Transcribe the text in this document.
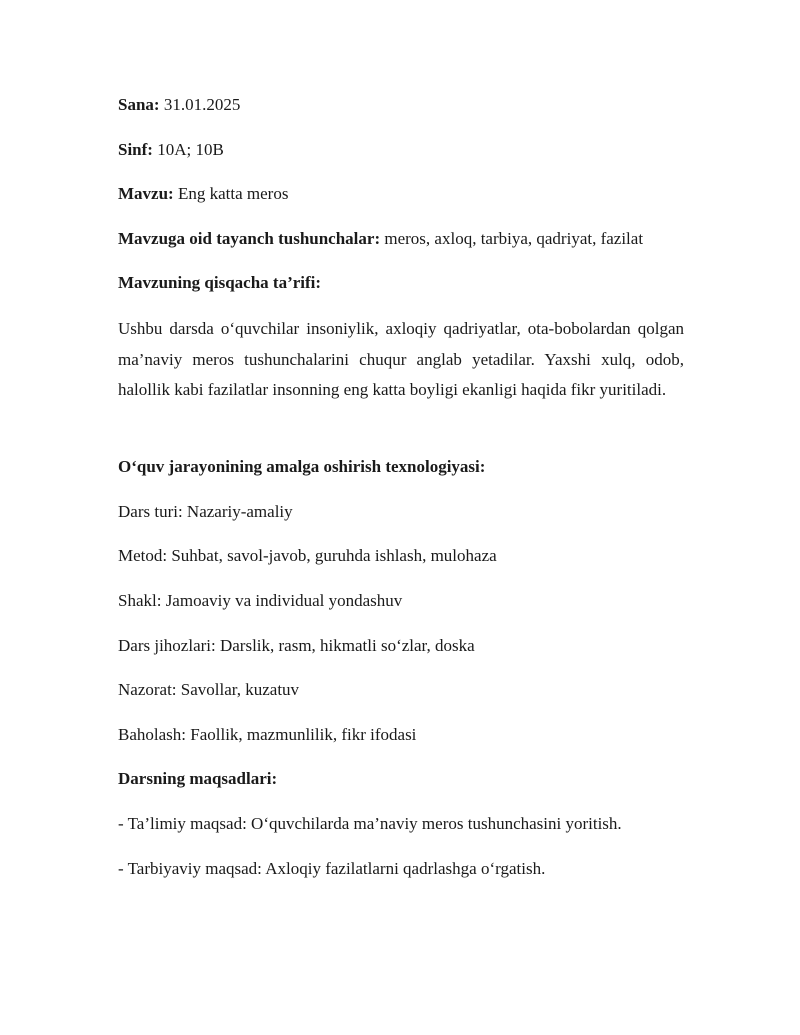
Sana: 31.01.2025
Sinf: 10A; 10B
Mavzu: Eng katta meros
Mavzuga oid tayanch tushunchalar: meros, axloq, tarbiya, qadriyat, fazilat
Mavzuning qisqacha ta’rifi:
Ushbu darsda o‘quvchilar insoniylik, axloqiy qadriyatlar, ota-bobolardan qolgan ma’naviy meros tushunchalarini chuqur anglab yetadilar. Yaxshi xulq, odob, halollik kabi fazilatlar insonning eng katta boyligi ekanligi haqida fikr yuritiladi.
O‘quv jarayonining amalga oshirish texnologiyasi:
Dars turi: Nazariy-amaliy
Metod: Suhbat, savol-javob, guruhda ishlash, mulohaza
Shakl: Jamoaviy va individual yondashuv
Dars jihozlari: Darslik, rasm, hikmatli so‘zlar, doska
Nazorat: Savollar, kuzatuv
Baholash: Faollik, mazmunlilik, fikr ifodasi
Darsning maqsadlari:
- Ta’limiy maqsad: O‘quvchilarda ma’naviy meros tushunchasini yoritish.
- Tarbiyaviy maqsad: Axloqiy fazilatlarni qadrlashga o‘rgatish.
